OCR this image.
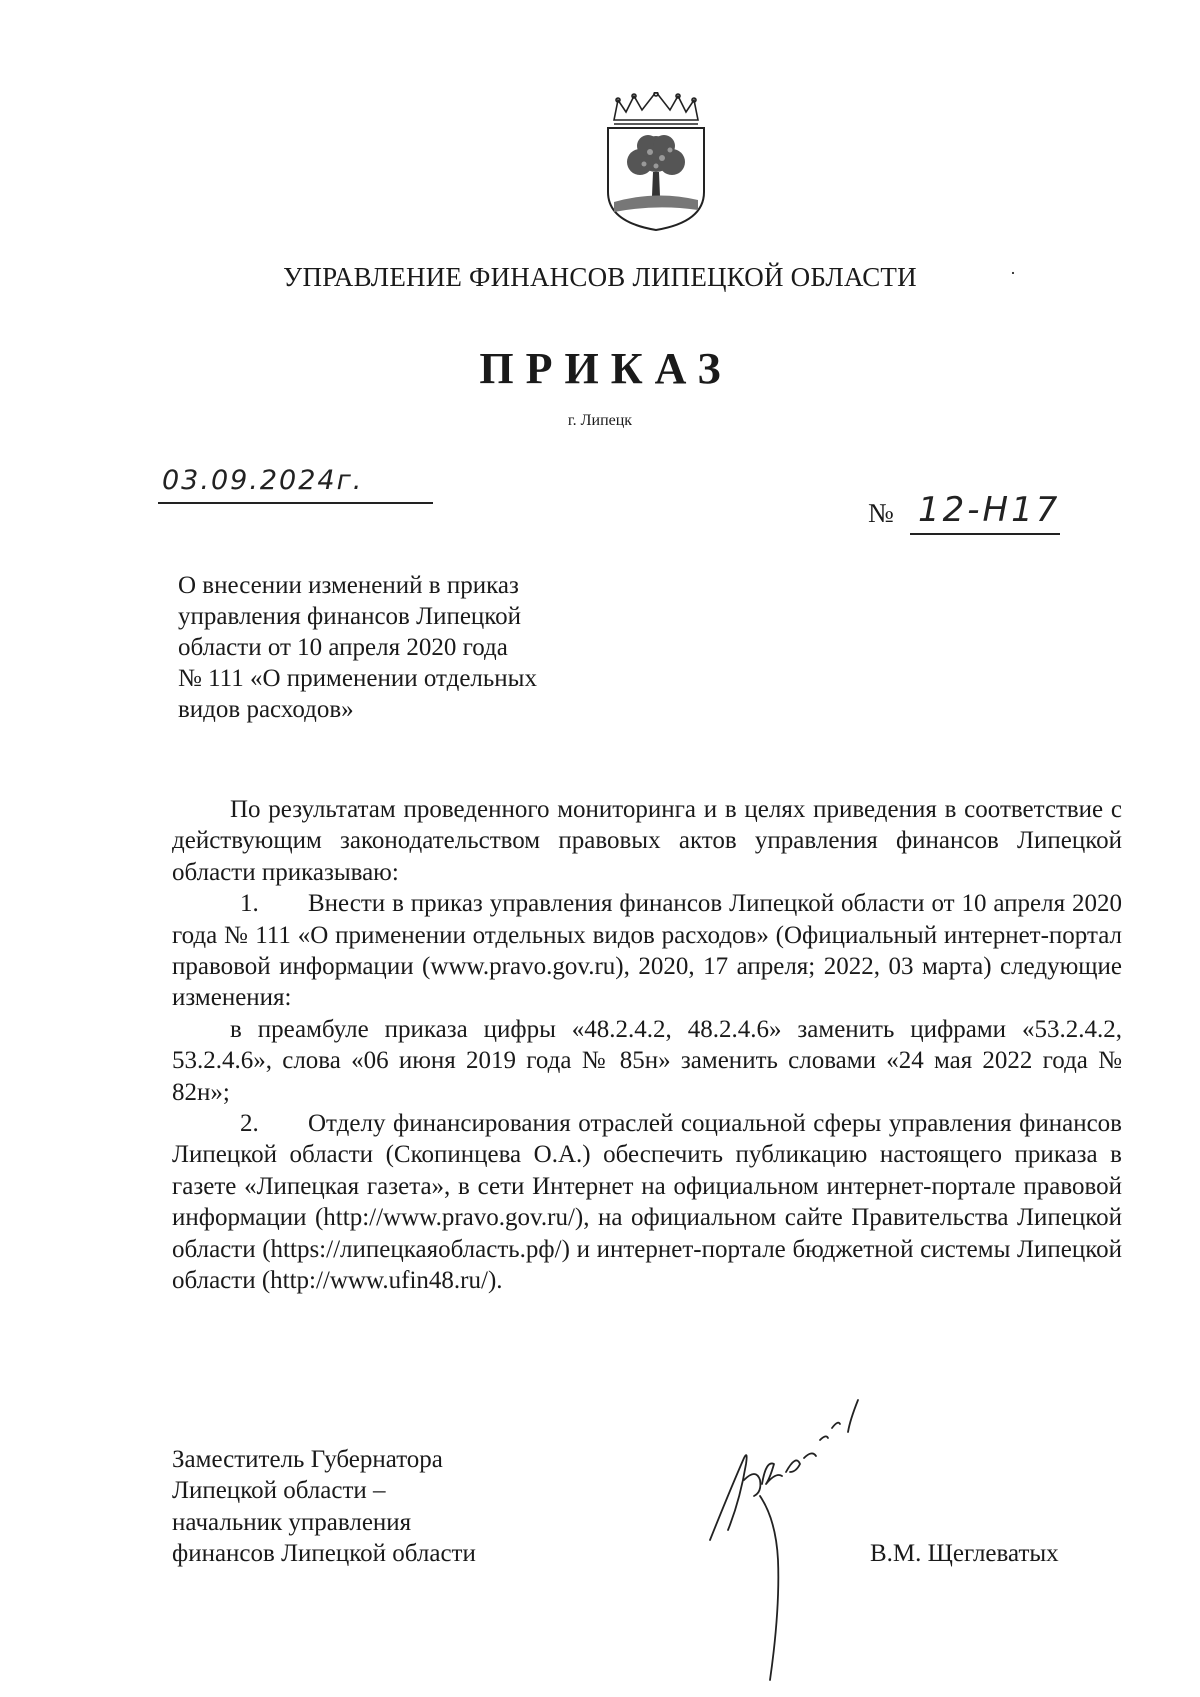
УПРАВЛЕНИЕ ФИНАНСОВ ЛИПЕЦКОЙ ОБЛАСТИ	·
ПРИКАЗ
г. Липецк
03.09.2024г.
№ 12-Н17
О внесении изменений в приказ
управления финансов Липецкой
области от 10 апреля 2020 года
№ 111 «О применении отдельных
видов расходов»

По результатам проведенного мониторинга и в целях приведения в соответствие с действующим законодательством правовых актов управления финансов Липецкой области приказываю:

1. Внести в приказ управления финансов Липецкой области от 10 апреля 2020 года № 111 «О применении отдельных видов расходов» (Официальный интернет-портал правовой информации (www.pravo.gov.ru), 2020, 17 апреля; 2022, 03 марта) следующие изменения:

в преамбуле приказа цифры «48.2.4.2, 48.2.4.6» заменить цифрами «53.2.4.2, 53.2.4.6», слова «06 июня 2019 года № 85н» заменить словами «24 мая 2022 года № 82н»;

2. Отделу финансирования отраслей социальной сферы управления финансов Липецкой области (Скопинцева О.А.) обеспечить публикацию настоящего приказа в газете «Липецкая газета», в сети Интернет на официальном интернет-портале правовой информации (http://www.pravo.gov.ru/), на официальном сайте Правительства Липецкой области (https://липецкаяобласть.рф/) и интернет-портале бюджетной системы Липецкой области (http://www.ufin48.ru/).

Заместитель Губернатора
Липецкой области –
начальник управления
финансов Липецкой области	В.М. Щеглеватых
